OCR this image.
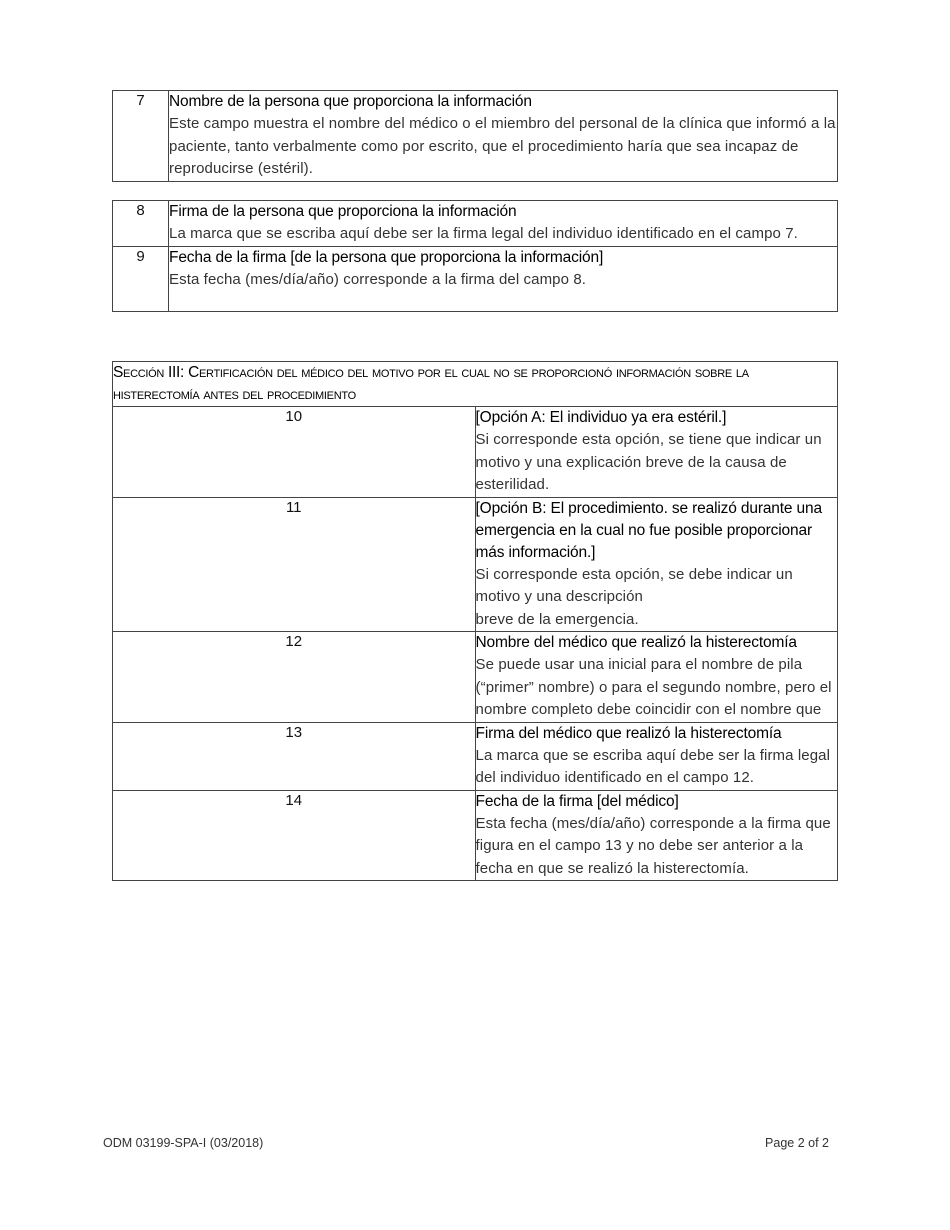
7	Nombre de la persona que proporciona la información
Este campo muestra el nombre del médico o el miembro del personal de la clínica que informó a la paciente, tanto verbalmente como por escrito, que el procedimiento haría que sea incapaz de reproducirse (estéril).
8	Firma de la persona que proporciona la información
La marca que se escriba aquí debe ser la firma legal del individuo identificado en el campo 7.

9	Fecha de la firma [de la persona que proporciona la información]
Esta fecha (mes/día/año) corresponde a la firma del campo 8.
Sección III: Certificación del médico del motivo por el cual no se proporcionó información sobre la histerectomía antes del procedimiento	
10	[Opción A: El individuo ya era estéril.]
Si corresponde esta opción, se tiene que indicar un motivo y una explicación breve de la causa de esterilidad.

11	[Opción B: El procedimiento. se realizó durante una emergencia en la cual no fue posible proporcionar más información.]
Si corresponde esta opción, se debe indicar un motivo y una descripción
breve de la emergencia.

12	Nombre del médico que realizó la histerectomía
Se puede usar una inicial para el nombre de pila (“primer” nombre) o para el segundo nombre, pero el nombre completo debe coincidir con el nombre que

13	Firma del médico que realizó la histerectomía
La marca que se escriba aquí debe ser la firma legal del individuo identificado en el campo 12.

14	Fecha de la firma [del médico]
Esta fecha (mes/día/año) corresponde a la firma que figura en el campo 13 y no debe ser anterior a la fecha en que se realizó la histerectomía.
ODM 03199-SPA-I (03/2018)	Page 2 of 2
